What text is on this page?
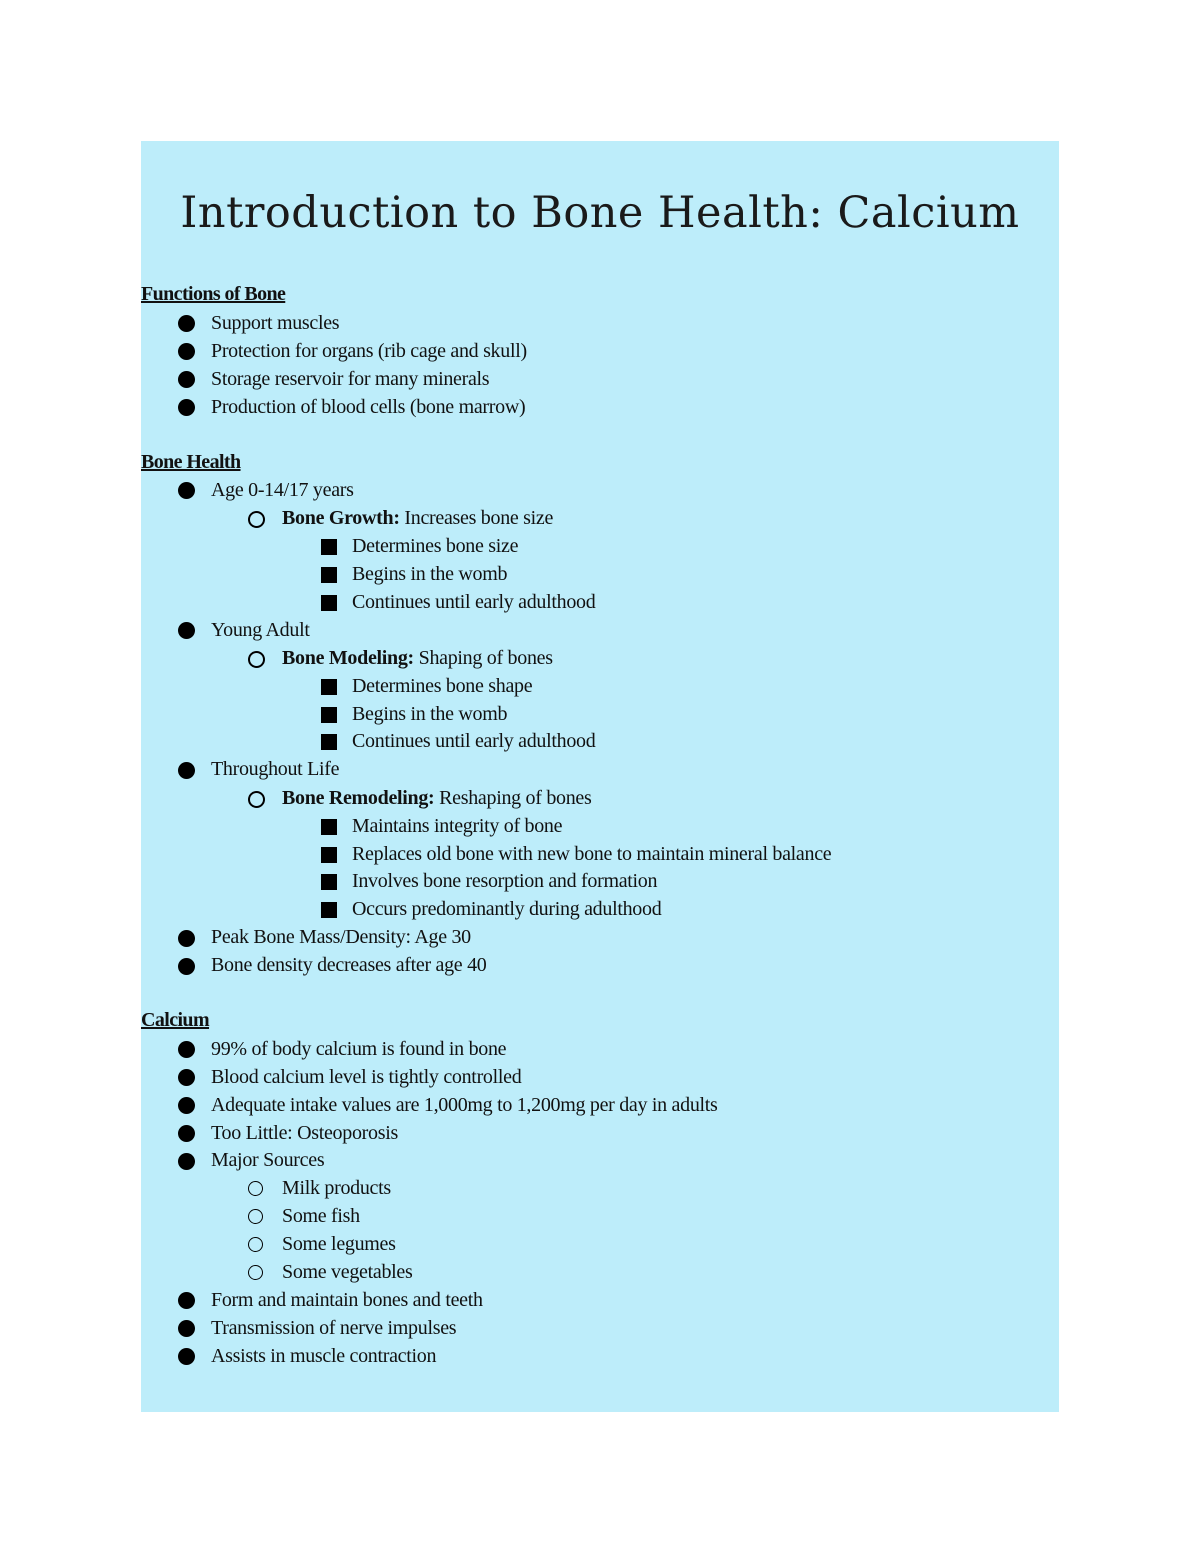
Introduction to Bone Health: Calcium
Functions of Bone
Support muscles
Protection for organs (rib cage and skull)
Storage reservoir for many minerals
Production of blood cells (bone marrow)
Bone Health
Age 0-14/17 years
Bone Growth: Increases bone size
Determines bone size
Begins in the womb
Continues until early adulthood
Young Adult
Bone Modeling: Shaping of bones
Determines bone shape
Begins in the womb
Continues until early adulthood
Throughout Life
Bone Remodeling: Reshaping of bones
Maintains integrity of bone
Replaces old bone with new bone to maintain mineral balance
Involves bone resorption and formation
Occurs predominantly during adulthood
Peak Bone Mass/Density: Age 30
Bone density decreases after age 40
Calcium
99% of body calcium is found in bone
Blood calcium level is tightly controlled
Adequate intake values are 1,000mg to 1,200mg per day in adults
Too Little: Osteoporosis
Major Sources
Milk products
Some fish
Some legumes
Some vegetables
Form and maintain bones and teeth
Transmission of nerve impulses
Assists in muscle contraction
